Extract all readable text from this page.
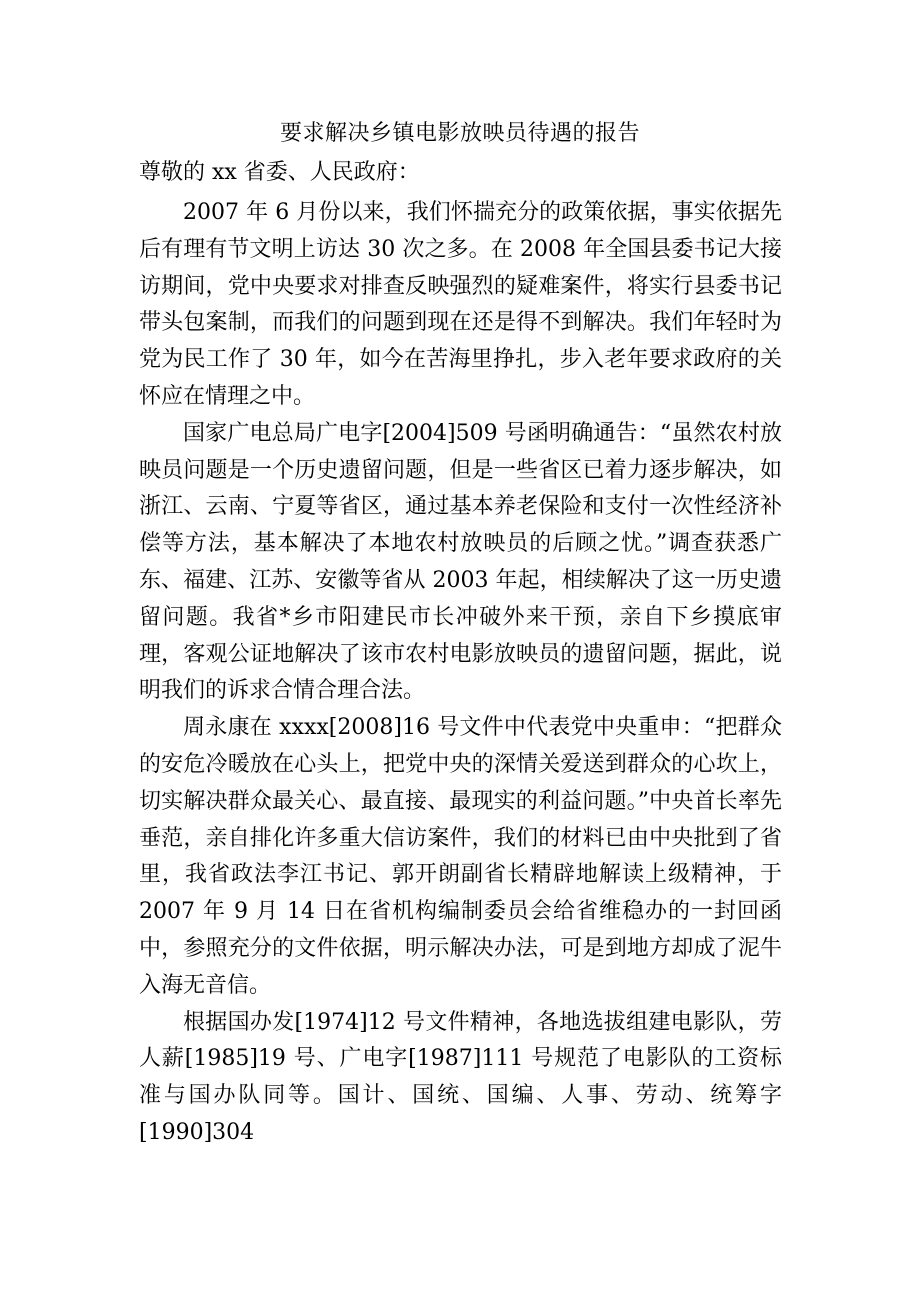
要求解决乡镇电影放映员待遇的报告
尊敬的 xx 省委、人民政府：

2007 年 6 月份以来，我们怀揣充分的政策依据，事实依据先后有理有节文明上访达 30 次之多。在 2008 年全国县委书记大接访期间，党中央要求对排查反映强烈的疑难案件，将实行县委书记带头包案制，而我们的问题到现在还是得不到解决。我们年轻时为党为民工作了 30 年，如今在苦海里挣扎，步入老年要求政府的关怀应在情理之中。

国家广电总局广电字[2004]509 号函明确通告：“虽然农村放映员问题是一个历史遗留问题，但是一些省区已着力逐步解决，如浙江、云南、宁夏等省区，通过基本养老保险和支付一次性经济补偿等方法，基本解决了本地农村放映员的后顾之忧。”调查获悉广东、福建、江苏、安徽等省从 2003 年起，相续解决了这一历史遗留问题。我省*乡市阳建民市长冲破外来干预，亲自下乡摸底审理，客观公证地解决了该市农村电影放映员的遗留问题，据此，说明我们的诉求合情合理合法。

周永康在 xxxx[2008]16 号文件中代表党中央重申：“把群众的安危冷暖放在心头上，把党中央的深情关爱送到群众的心坎上，切实解决群众最关心、最直接、最现实的利益问题。”中央首长率先垂范，亲自排化许多重大信访案件，我们的材料已由中央批到了省里，我省政法李江书记、郭开朗副省长精辟地解读上级精神，于 2007 年 9 月 14 日在省机构编制委员会给省维稳办的一封回函中，参照充分的文件依据，明示解决办法，可是到地方却成了泥牛入海无音信。

根据国办发[1974]12 号文件精神，各地选拔组建电影队，劳人薪[1985]19 号、广电字[1987]111 号规范了电影队的工资标准与国办队同等。国计、国统、国编、人事、劳动、统筹字[1990]304
